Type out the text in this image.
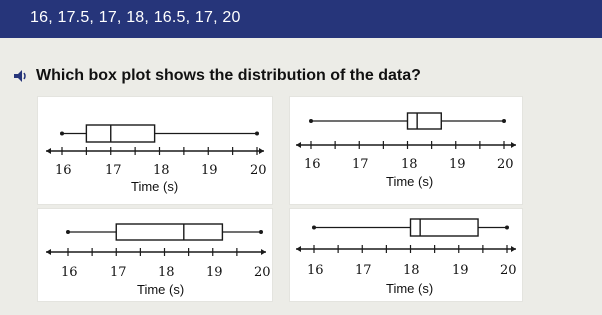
16, 17.5, 17, 18, 16.5, 17, 20
Which box plot shows the distribution of the data?
16	17 18 19 20
Time (s)
16 17 18 19 20
Time (s)
16 17 18 19 20
Time (s)
16 17 18 19 20
Time (s)
